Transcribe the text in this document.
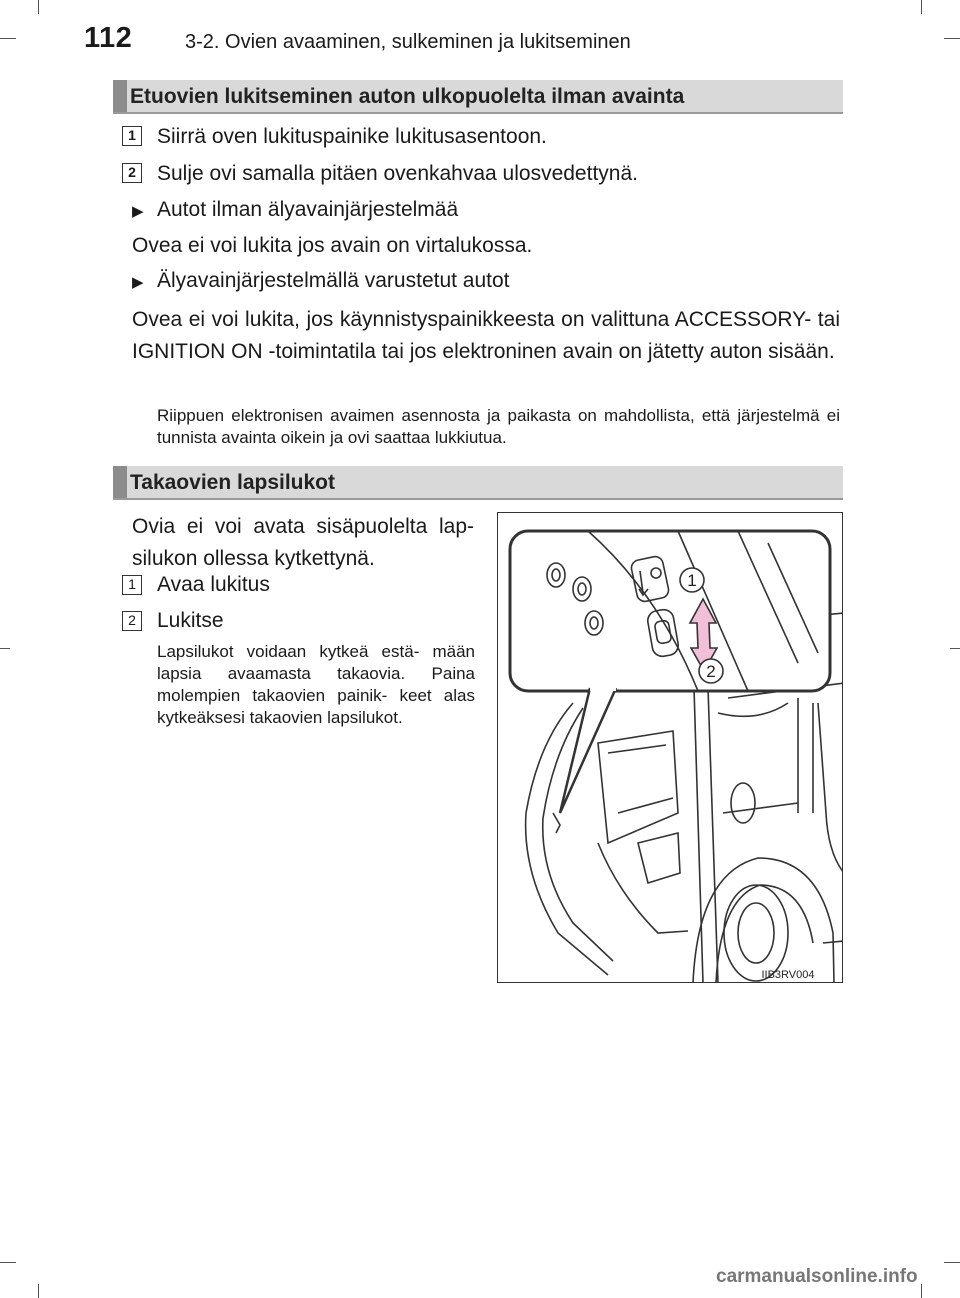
112	3-2. Ovien avaaminen, sulkeminen ja lukitseminen
Etuovien lukitseminen auton ulkopuolelta ilman avainta
1 Siirrä oven lukituspainike lukitusasentoon.
2 Sulje ovi samalla pitäen ovenkahvaa ulosvedettynä.
▶ Autot ilman älyavainjärjestelmää
Ovea ei voi lukita jos avain on virtalukossa.
▶ Älyavainjärjestelmällä varustetut autot
Ovea ei voi lukita, jos käynnistyspainikkeesta on valittuna ACCESSORY- tai IGNITION ON -toimintatila tai jos elektroninen avain on jätetty auton sisään.
Riippuen elektronisen avaimen asennosta ja paikasta on mahdollista, että järjestelmä ei tunnista avainta oikein ja ovi saattaa lukkiutua.
Takaovien lapsilukot
Ovia ei voi avata sisäpuolelta lap- silukon ollessa kytkettynä.
1 Avaa lukitus
2 Lukitse
Lapsilukot voidaan kytkeä estä- mään lapsia avaamasta takaovia. Paina molempien takaovien painik- keet alas kytkeäksesi takaovien lapsilukot.
1
2
IIB3RV004
carmanualsonline.info
